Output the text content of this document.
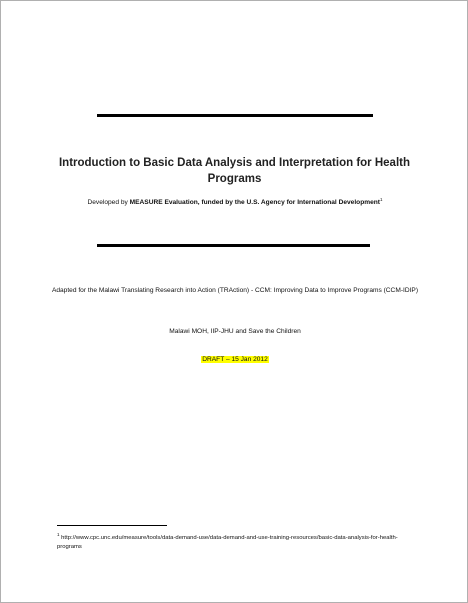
Introduction to Basic Data Analysis and Interpretation for Health Programs
Developed by MEASURE Evaluation, funded by the U.S. Agency for International Development$^1$
Adapted for the Malawi Translating Research into Action (TRAction) - CCM: Improving Data to Improve Programs (CCM-IDIP)
Malawi MOH, IIP-JHU and Save the Children
DRAFT – 15 Jan 2012
$^1$ http://www.cpc.unc.edu/measure/tools/data-demand-use/data-demand-and-use-training-resources/basic-data-analysis-for-health-programs
